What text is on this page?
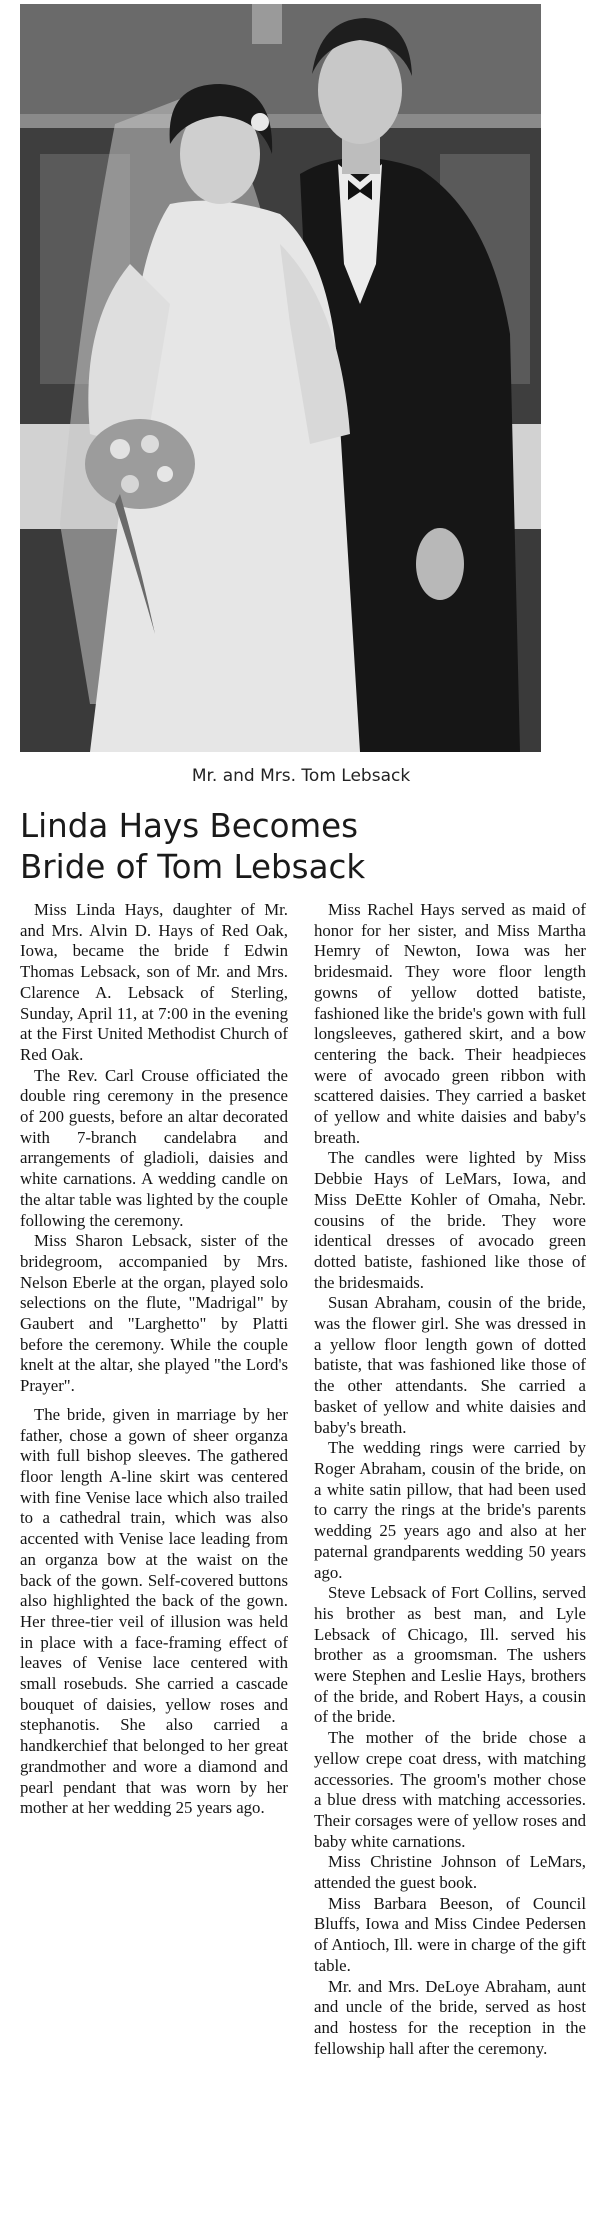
Mr. and Mrs. Tom Lebsack
Linda Hays Becomes
Bride of Tom Lebsack

Miss Linda Hays, daughter of Mr. and Mrs. Alvin D. Hays of Red Oak, Iowa, became the bride f Edwin Thomas Lebsack, son of Mr. and Mrs. Clarence A. Lebsack of Sterling, Sunday, April 11, at 7:00 in the evening at the First United Methodist Church of Red Oak.

The Rev. Carl Crouse officiated the double ring ceremony in the presence of 200 guests, before an altar decorated with 7-branch candelabra and arrangements of gladioli, daisies and white carnations. A wedding candle on the altar table was lighted by the couple following the ceremony.

Miss Sharon Lebsack, sister of the bridegroom, accompanied by Mrs. Nelson Eberle at the organ, played solo selections on the flute, "Madrigal" by Gaubert and "Larghetto" by Platti before the ceremony. While the couple knelt at the altar, she played "the Lord's Prayer".

The bride, given in marriage by her father, chose a gown of sheer organza with full bishop sleeves. The gathered floor length A-line skirt was centered with fine Venise lace which also trailed to a cathedral train, which was also accented with Venise lace leading from an organza bow at the waist on the back of the gown. Self-covered buttons also highlighted the back of the gown. Her three-tier veil of illusion was held in place with a face-framing effect of leaves of Venise lace centered with small rosebuds. She carried a cascade bouquet of daisies, yellow roses and stephanotis. She also carried a handkerchief that belonged to her great grandmother and wore a diamond and pearl pendant that was worn by her mother at her wedding 25 years ago.

Miss Rachel Hays served as maid of honor for her sister, and Miss Martha Hemry of Newton, Iowa was her bridesmaid. They wore floor length gowns of yellow dotted batiste, fashioned like the bride's gown with full longsleeves, gathered skirt, and a bow centering the back. Their headpieces were of avocado green ribbon with scattered daisies. They carried a basket of yellow and white daisies and baby's breath.

The candles were lighted by Miss Debbie Hays of LeMars, Iowa, and Miss DeEtte Kohler of Omaha, Nebr. cousins of the bride. They wore identical dresses of avocado green dotted batiste, fashioned like those of the bridesmaids.

Susan Abraham, cousin of the bride, was the flower girl. She was dressed in a yellow floor length gown of dotted batiste, that was fashioned like those of the other attendants. She carried a basket of yellow and white daisies and baby's breath.

The wedding rings were carried by Roger Abraham, cousin of the bride, on a white satin pillow, that had been used to carry the rings at the bride's parents wedding 25 years ago and also at her paternal grandparents wedding 50 years ago.

Steve Lebsack of Fort Collins, served his brother as best man, and Lyle Lebsack of Chicago, Ill. served his brother as a groomsman. The ushers were Stephen and Leslie Hays, brothers of the bride, and Robert Hays, a cousin of the bride.

The mother of the bride chose a yellow crepe coat dress, with matching accessories. The groom's mother chose a blue dress with matching accessories. Their corsages were of yellow roses and baby white carnations.

Miss Christine Johnson of LeMars, attended the guest book.

Miss Barbara Beeson, of Council Bluffs, Iowa and Miss Cindee Pedersen of Antioch, Ill. were in charge of the gift table.

Mr. and Mrs. DeLoye Abraham, aunt and uncle of the bride, served as host and hostess for the reception in the fellowship hall after the ceremony.
